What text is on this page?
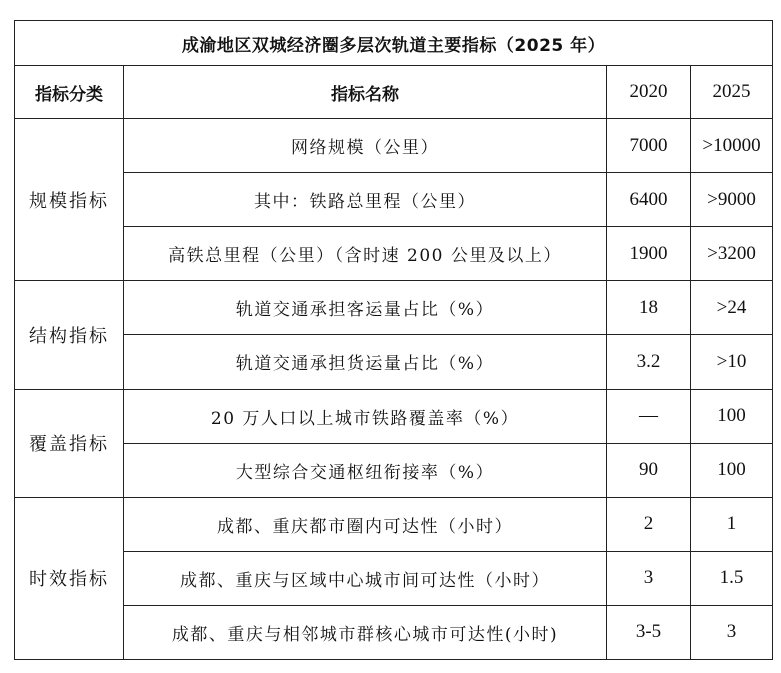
成渝地区双城经济圈多层次轨道主要指标（2025 年）			
指标分类	指标名称	2020	2025
规模指标	网络规模（公里）	7000	>10000
	其中：铁路总里程（公里）	6400	>9000
	高铁总里程（公里）（含时速 200 公里及以上）	1900	>3200
结构指标	轨道交通承担客运量占比（%）	18	>24
	轨道交通承担货运量占比（%）	3.2	>10
覆盖指标	20 万人口以上城市铁路覆盖率（%）	—	100
	大型综合交通枢纽衔接率（%）	90	100
时效指标	成都、重庆都市圈内可达性（小时）	2	1
	成都、重庆与区域中心城市间可达性（小时）	3	1.5
	成都、重庆与相邻城市群核心城市可达性(小时)	3-5	3
